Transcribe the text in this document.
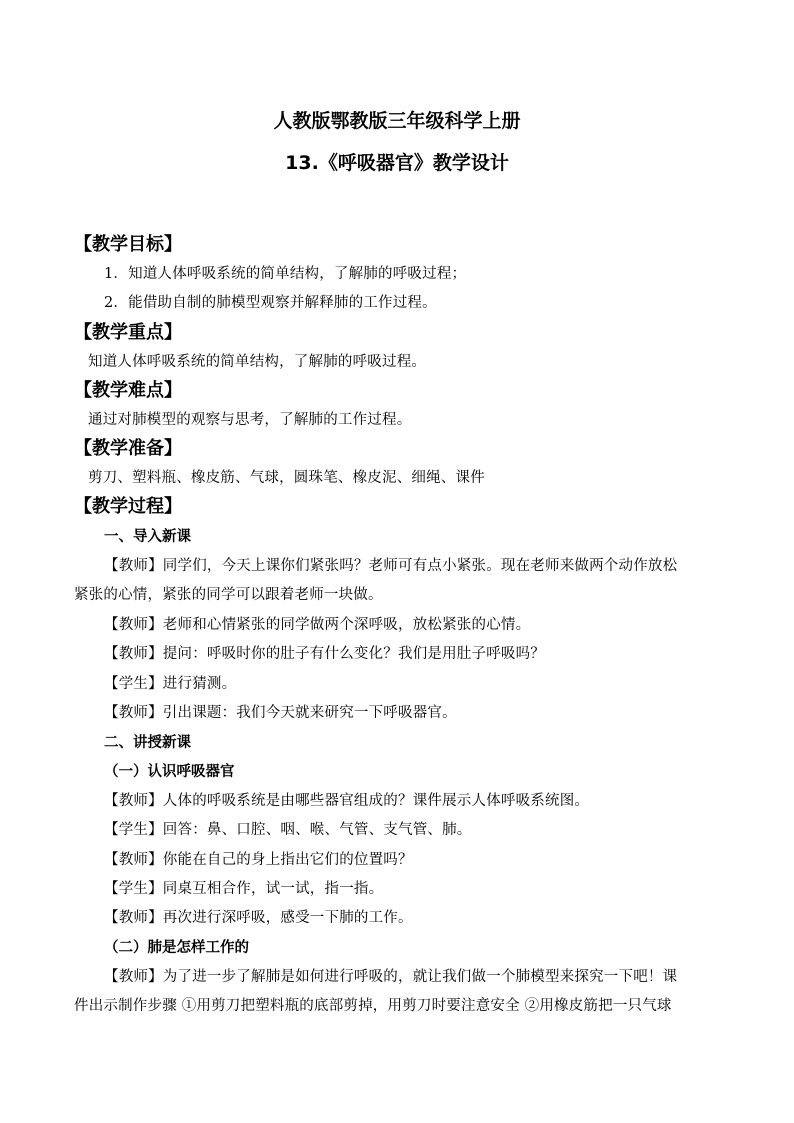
人教版鄂教版三年级科学上册
13.《呼吸器官》教学设计
【教学目标】
1．知道人体呼吸系统的简单结构，了解肺的呼吸过程；
2．能借助自制的肺模型观察并解释肺的工作过程。
【教学重点】
知道人体呼吸系统的简单结构，了解肺的呼吸过程。
【教学难点】
通过对肺模型的观察与思考，了解肺的工作过程。
【教学准备】
剪刀、塑料瓶、橡皮筋、气球，圆珠笔、橡皮泥、细绳、课件
【教学过程】
一、导入新课
【教师】同学们，今天上课你们紧张吗？老师可有点小紧张。现在老师来做两个动作放松
紧张的心情，紧张的同学可以跟着老师一块做。
【教师】老师和心情紧张的同学做两个深呼吸，放松紧张的心情。
【教师】提问：呼吸时你的肚子有什么变化？我们是用肚子呼吸吗？
【学生】进行猜测。
【教师】引出课题：我们今天就来研究一下呼吸器官。
二、讲授新课
（一）认识呼吸器官
【教师】人体的呼吸系统是由哪些器官组成的？课件展示人体呼吸系统图。
【学生】回答：鼻、口腔、咽、喉、气管、支气管、肺。
【教师】你能在自己的身上指出它们的位置吗？
【学生】同桌互相合作，试一试，指一指。
【教师】再次进行深呼吸，感受一下肺的工作。
（二）肺是怎样工作的
【教师】为了进一步了解肺是如何进行呼吸的，就让我们做一个肺模型来探究一下吧！课
件出示制作步骤 ①用剪刀把塑料瓶的底部剪掉，用剪刀时要注意安全 ②用橡皮筋把一只气球
